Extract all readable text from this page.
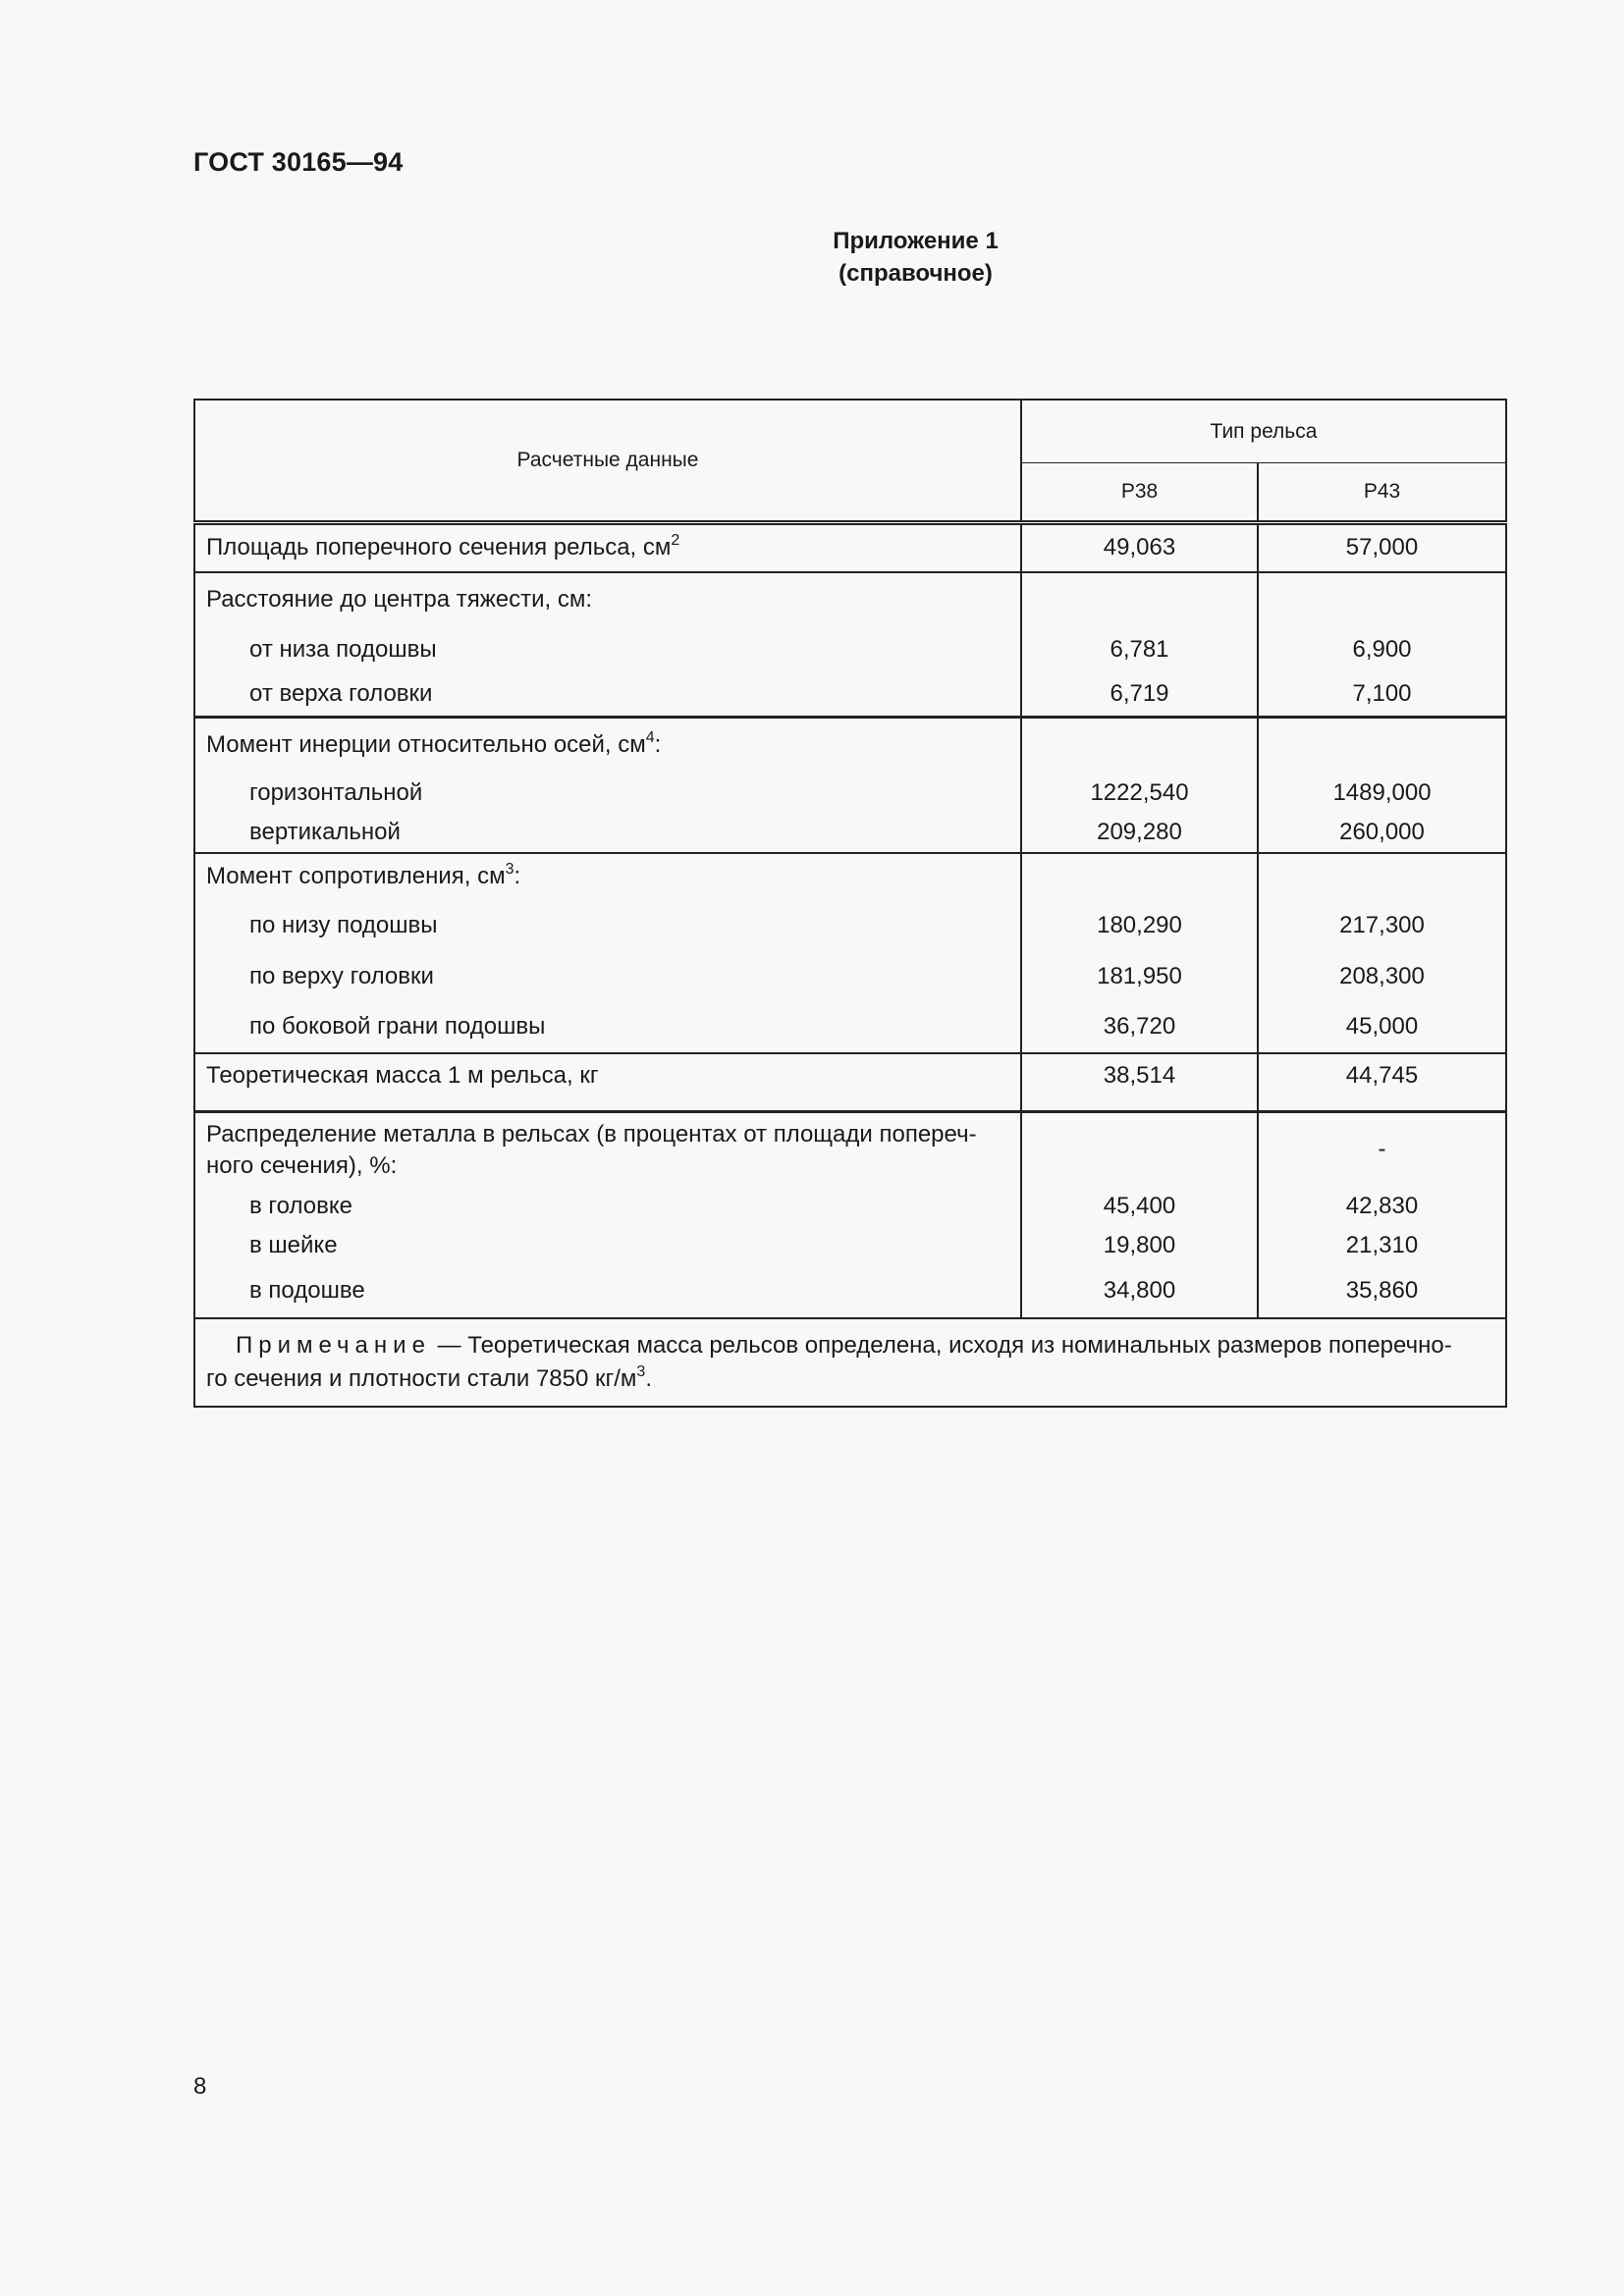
ГОСТ 30165—94
Приложение 1
(справочное)
Расчетные данные	Тип рельса	
	Р38	Р43
Площадь поперечного сечения рельса, $см^2$	49,063	57,000
Расстояние до центра тяжести, см:		
от низа подошвы	6,781	6,900
от верха головки	6,719	7,100
Момент инерции относительно осей, $см^4$:		
горизонтальной	1222,540	1489,000
вертикальной	209,280	260,000
Момент сопротивления, $см^3$:		
по низу подошвы	180,290	217,300
по верху головки	181,950	208,300
по боковой грани подошвы	36,720	45,000
Теоретическая масса 1 м рельса, кг	38,514	44,745

Распределение металла в рельсах (в процентах от площади попереч-
ного сечения), %:		-
в головке	45,400	42,830
в шейке	19,800	21,310
в подошве	34,800	35,860

Примечание — Теоретическая масса рельсов определена, исходя из номинальных размеров поперечно-
го сечения и плотности стали 7850 $кг/м^3$.		
8
